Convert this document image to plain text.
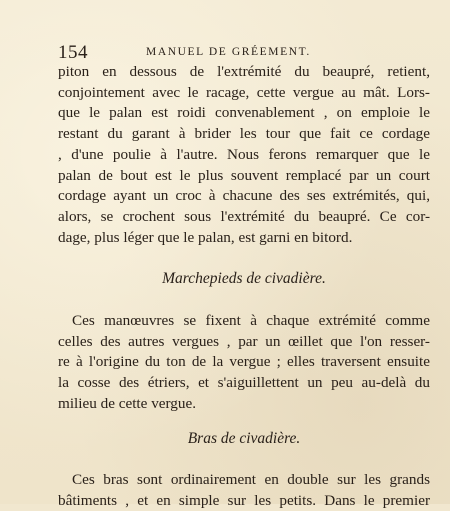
154	MANUEL DE GRÉEMENT.
piton en dessous de l'extrémité du beaupré, retient,
conjointement avec le racage, cette vergue au mât. Lors-
que le palan est roidi convenablement , on emploie le
restant du garant à brider les tour que fait ce cordage
, d'une poulie à l'autre. Nous ferons remarquer que le
palan de bout est le plus souvent remplacé par un court
cordage ayant un croc à chacune des ses extrémités, qui,
alors, se crochent sous l'extrémité du beaupré. Ce cor-
dage, plus léger que le palan, est garni en bitord.
Marchepieds de civadière.
Ces manœuvres se fixent à chaque extrémité comme
celles des autres vergues , par un œillet que l'on resser-
re à l'origine du ton de la vergue ; elles traversent ensuite
la cosse des étriers, et s'aiguillettent un peu au-delà du
milieu de cette vergue.
Bras de civadière.
Ces bras sont ordinairement en double sur les grands
bâtiments , et en simple sur les petits. Dans le premier
